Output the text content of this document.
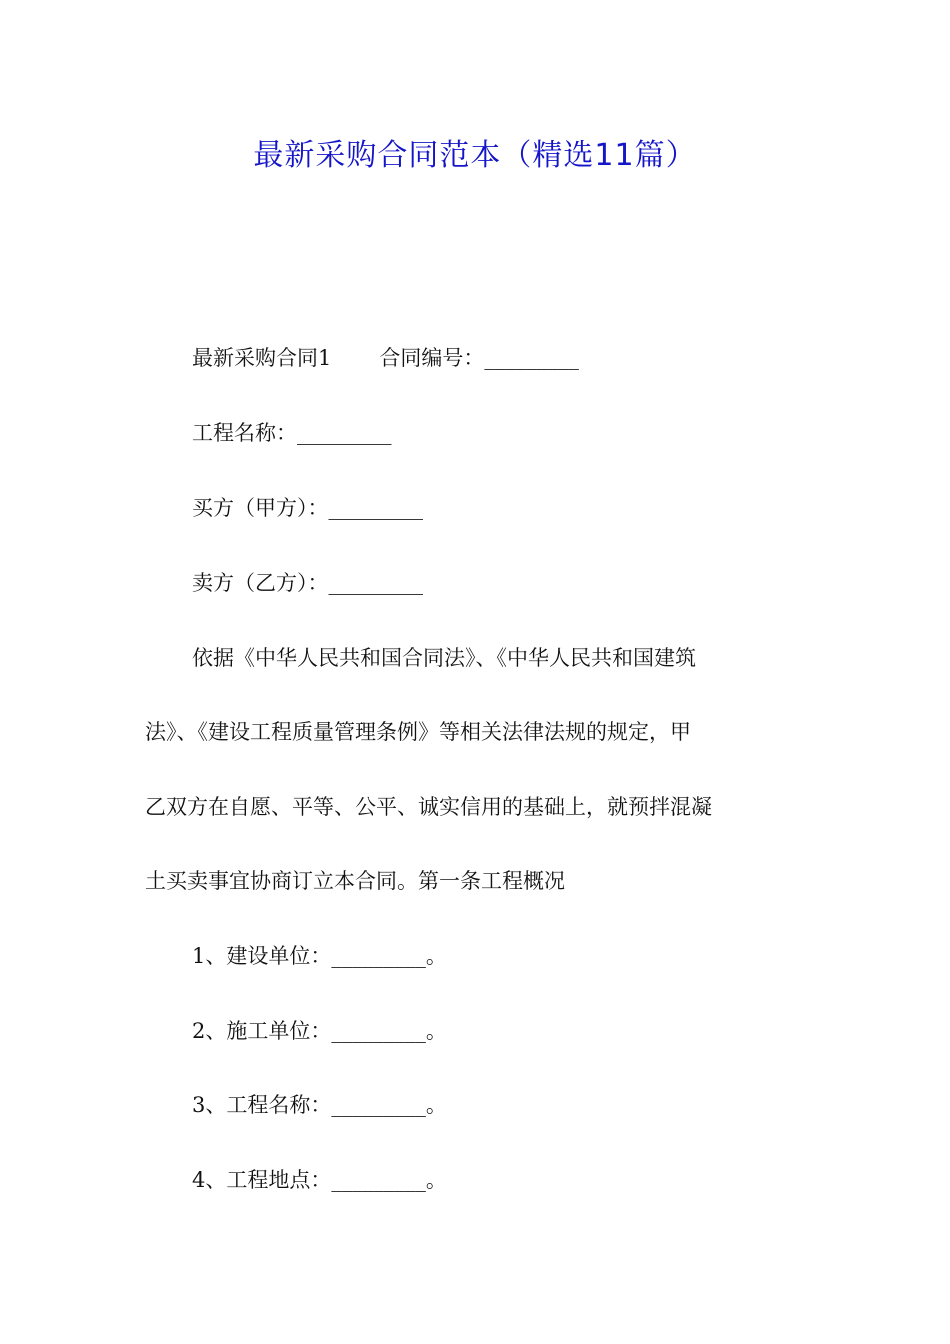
最新采购合同范本（精选11篇）

最新采购合同1 合同编号：_________

工程名称：_________

买方（甲方）：_________

卖方（乙方）：_________

依据《中华人民共和国合同法》、《中华人民共和国建筑

法》、《建设工程质量管理条例》等相关法律法规的规定，甲

乙双方在自愿、平等、公平、诚实信用的基础上，就预拌混凝

土买卖事宜协商订立本合同。第一条工程概况

1、建设单位：_________。

2、施工单位：_________。

3、工程名称：_________。

4、工程地点：_________。
